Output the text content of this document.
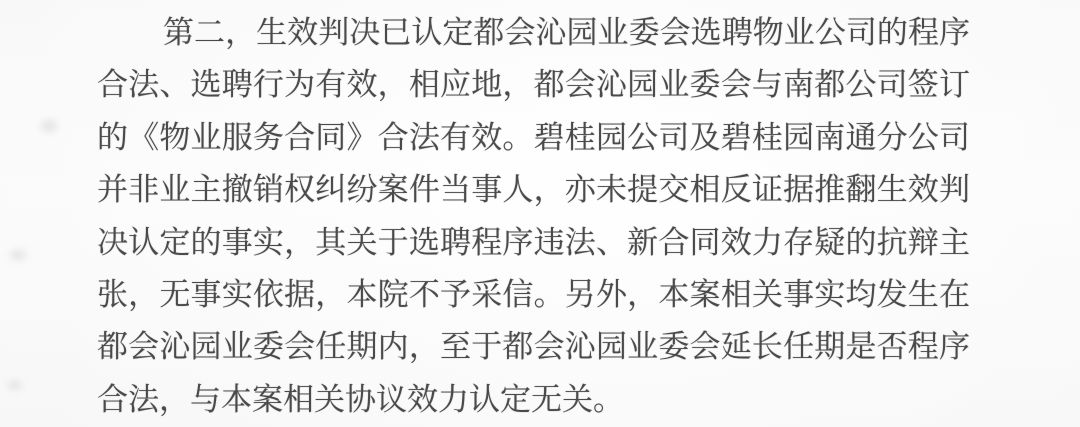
第二，生效判决已认定都会沁园业委会选聘物业公司的程序
合法、选聘行为有效，相应地，都会沁园业委会与南都公司签订
的《物业服务合同》合法有效。碧桂园公司及碧桂园南通分公司
并非业主撤销权纠纷案件当事人，亦未提交相反证据推翻生效判
决认定的事实，其关于选聘程序违法、新合同效力存疑的抗辩主
张，无事实依据，本院不予采信。另外，本案相关事实均发生在
都会沁园业委会任期内，至于都会沁园业委会延长任期是否程序
合法，与本案相关协议效力认定无关。
